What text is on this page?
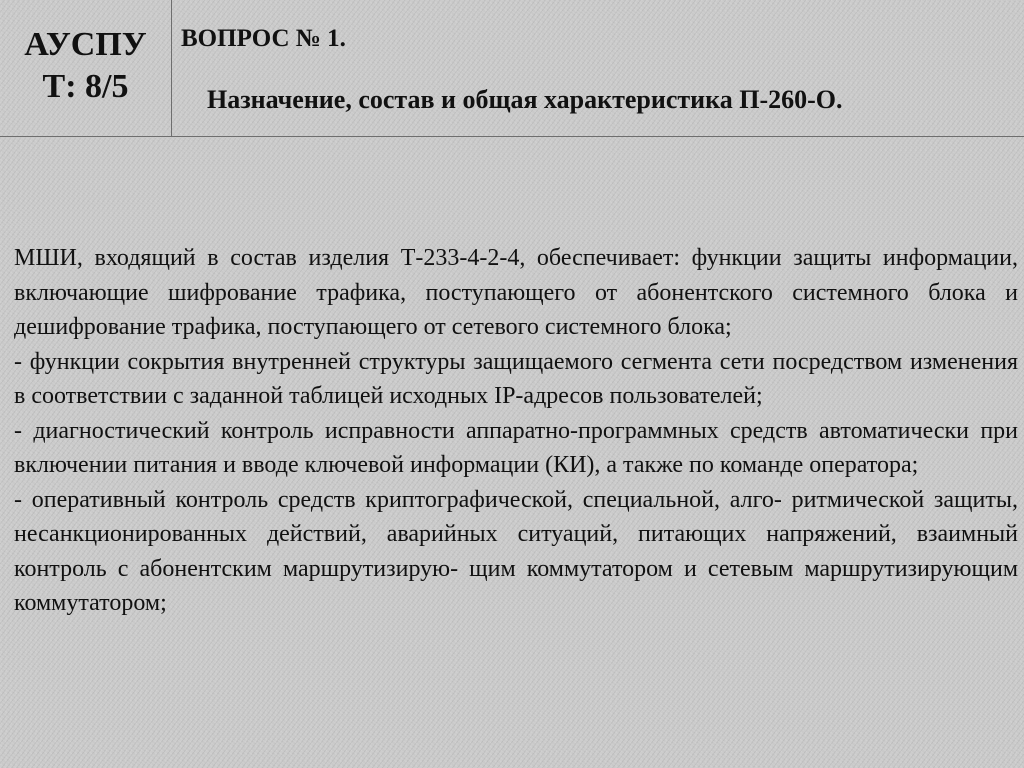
АУСПУ
Т: 8/5
ВОПРОС № 1.
Назначение, состав и общая характеристика П-260-О.
МШИ, входящий в состав изделия Т-233-4-2-4, обеспечивает: функции защиты информации, включающие шифрование трафика, поступающего от абонентского системного блока и дешифрование трафика, поступающего от сетевого системного блока;
- функции сокрытия внутренней структуры защищаемого сегмента сети посредством изменения в соответствии с заданной таблицей исходных IP-адресов пользователей;
- диагностический контроль исправности аппаратно-программных средств автоматически при включении питания и вводе ключевой информации (КИ), а также по команде оператора;
- оперативный контроль средств криптографической, специальной, алго- ритмической защиты, несанкционированных действий, аварийных ситуаций, питающих напряжений, взаимный контроль с абонентским маршрутизирую- щим коммутатором и сетевым маршрутизирующим коммутатором;
